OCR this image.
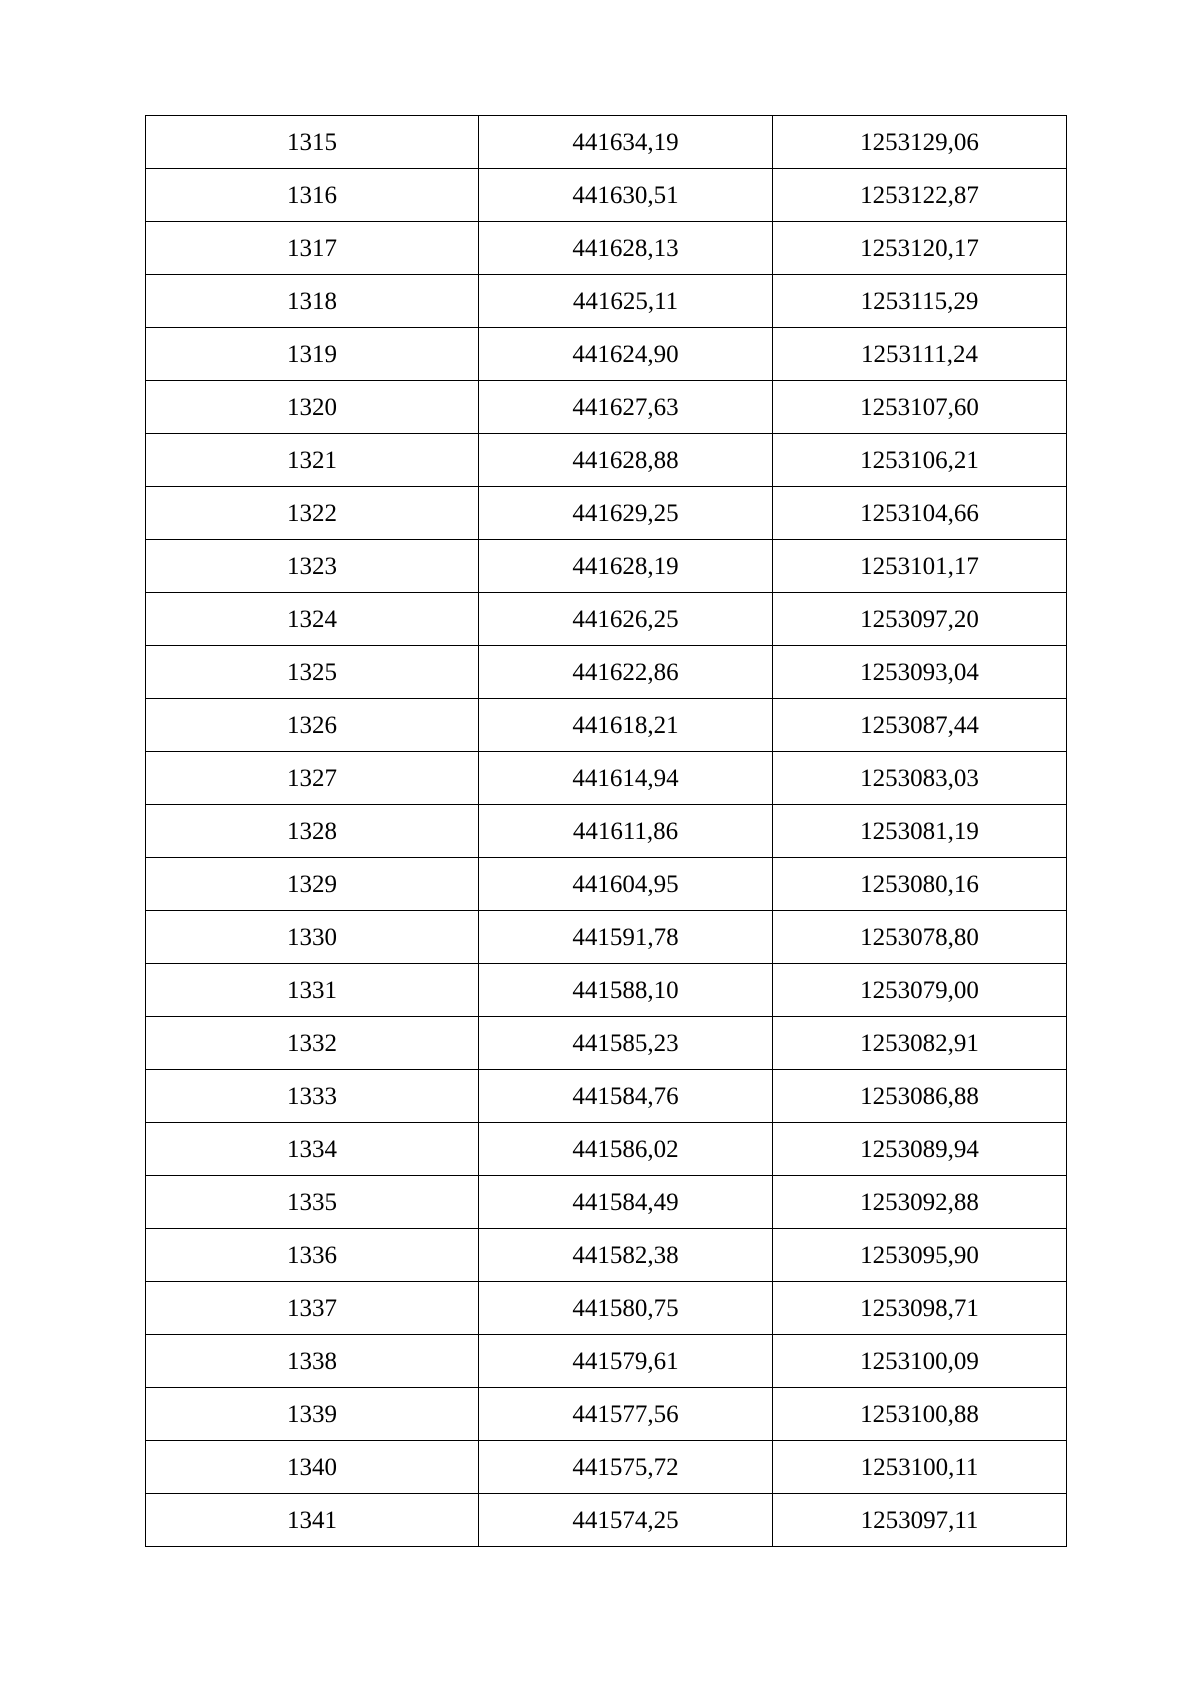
1315	441634,19	1253129,06
1316	441630,51	1253122,87
1317	441628,13	1253120,17
1318	441625,11	1253115,29
1319	441624,90	1253111,24
1320	441627,63	1253107,60
1321	441628,88	1253106,21
1322	441629,25	1253104,66
1323	441628,19	1253101,17
1324	441626,25	1253097,20
1325	441622,86	1253093,04
1326	441618,21	1253087,44
1327	441614,94	1253083,03
1328	441611,86	1253081,19
1329	441604,95	1253080,16
1330	441591,78	1253078,80
1331	441588,10	1253079,00
1332	441585,23	1253082,91
1333	441584,76	1253086,88
1334	441586,02	1253089,94
1335	441584,49	1253092,88
1336	441582,38	1253095,90
1337	441580,75	1253098,71
1338	441579,61	1253100,09
1339	441577,56	1253100,88
1340	441575,72	1253100,11
1341	441574,25	1253097,11
